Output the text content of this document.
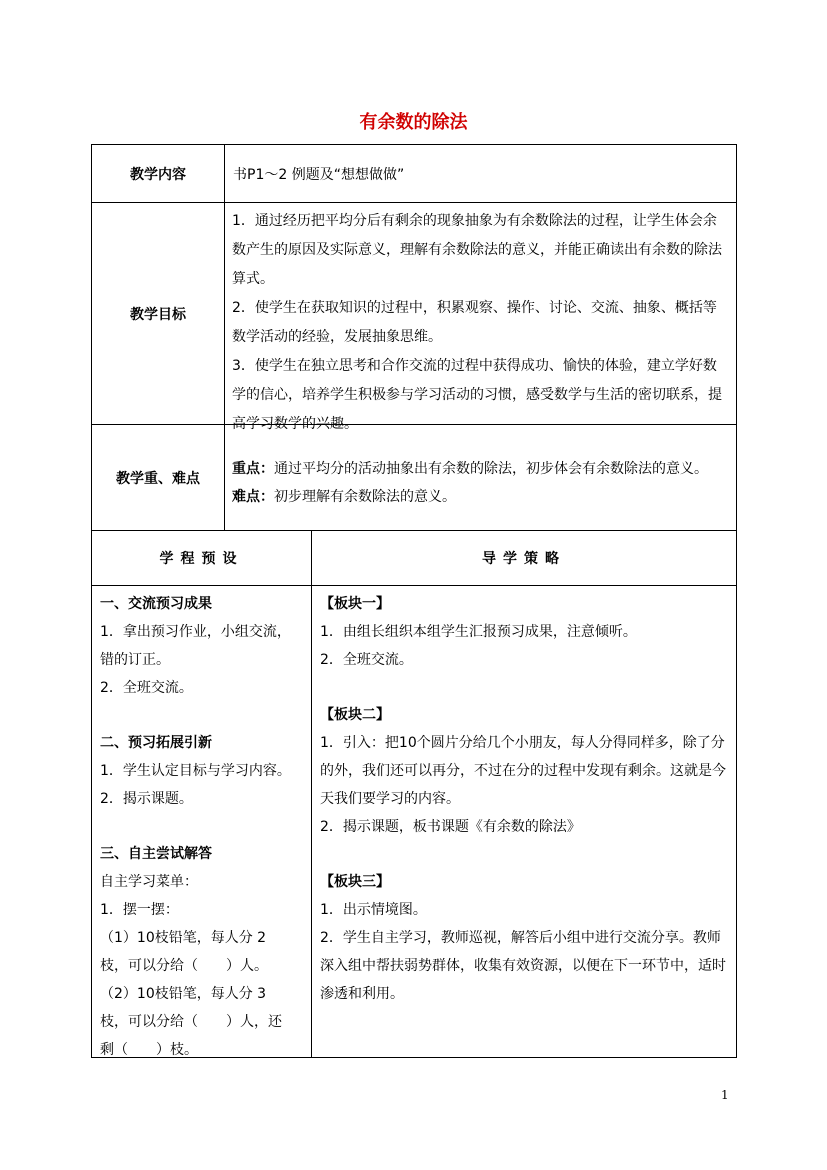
有余数的除法
教学内容	书P1～2 例题及“想想做做”
教学目标

1．通过经历把平均分后有剩余的现象抽象为有余数除法的过程，让学生体会余数产生的原因及实际意义，理解有余数除法的意义，并能正确读出有余数的除法算式。

2．使学生在获取知识的过程中，积累观察、操作、讨论、交流、抽象、概括等数学活动的经验，发展抽象思维。

3．使学生在独立思考和合作交流的过程中获得成功、愉快的体验，建立学好数学的信心，培养学生积极参与学习活动的习惯，感受数学与生活的密切联系，提高学习数学的兴趣。

教学重、难点

重点：通过平均分的活动抽象出有余数的除法，初步体会有余数除法的意义。

难点：初步理解有余数除法的意义。

学程预设	导学策略

一、交流预习成果

1．拿出预习作业，小组交流，

错的订正。

2．全班交流。

二、预习拓展引新

1．学生认定目标与学习内容。

2．揭示课题。

三、自主尝试解答

自主学习菜单：

1．摆一摆：

（1）10枝铅笔，每人分 2

枝，可以分给（　　）人。

（2）10枝铅笔，每人分 3

枝，可以分给（　　）人，还

剩（　　）枝。

【板块一】

1．由组长组织本组学生汇报预习成果，注意倾听。

2．全班交流。

【板块二】

1．引入：把10个圆片分给几个小朋友，每人分得同样多，除了分的外，我们还可以再分，不过在分的过程中发现有剩余。这就是今天我们要学习的内容。

2．揭示课题，板书课题《有余数的除法》

【板块三】

1．出示情境图。

2．学生自主学习，教师巡视，解答后小组中进行交流分享。教师深入组中帮扶弱势群体，收集有效资源，以便在下一环节中，适时渗透和利用。

1
